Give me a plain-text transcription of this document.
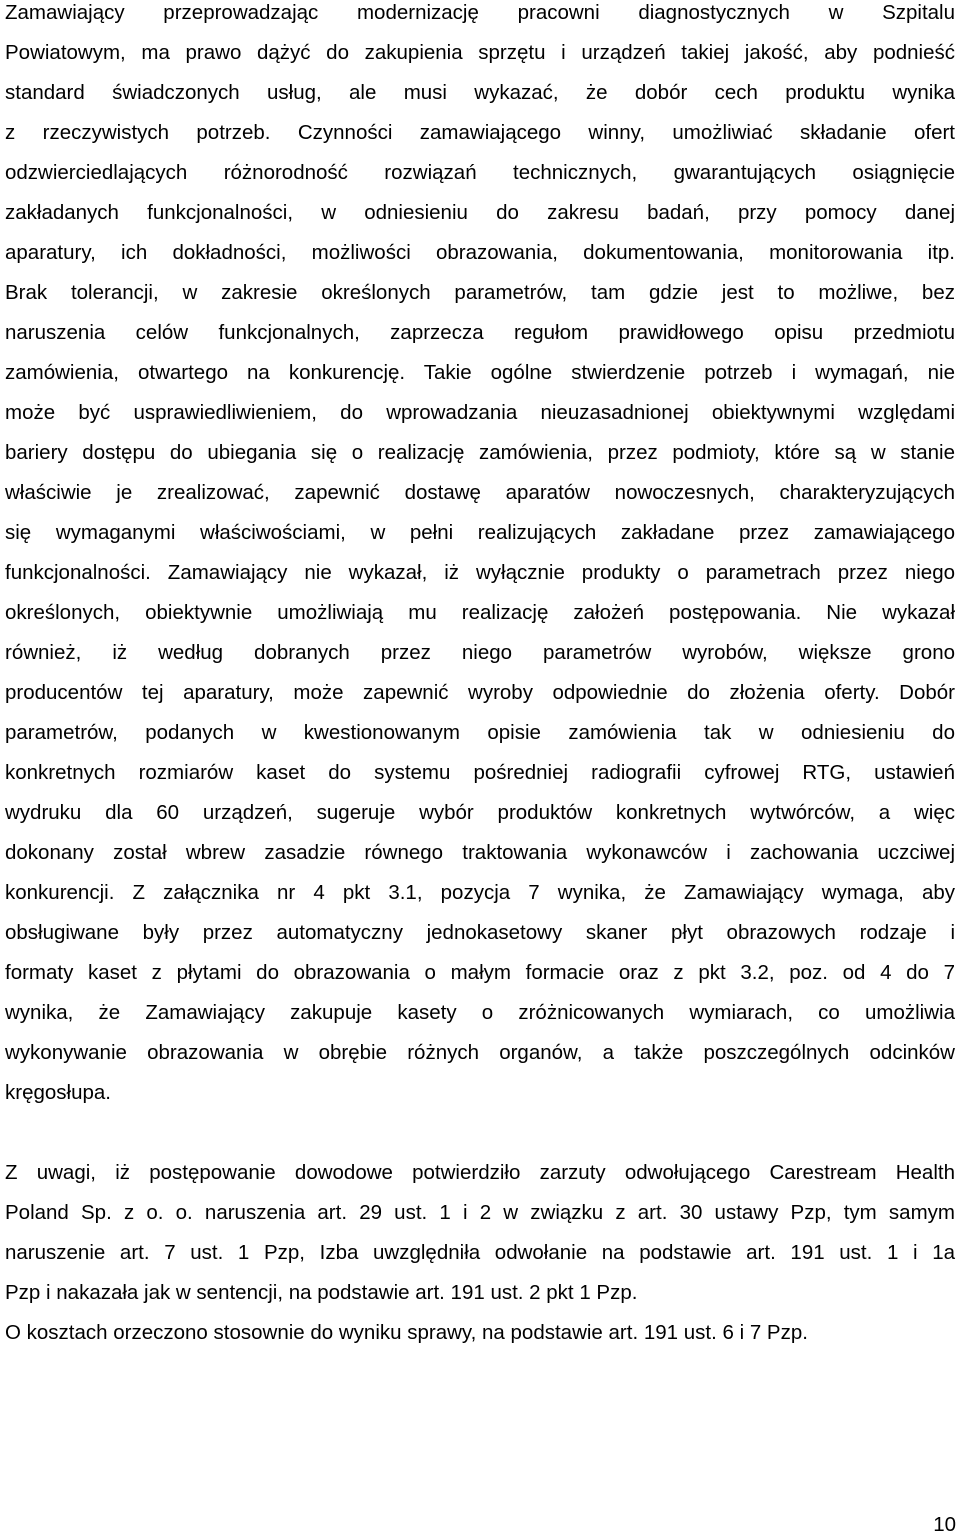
Zamawiający przeprowadzając modernizację pracowni diagnostycznych w Szpitalu
Powiatowym, ma prawo dążyć do zakupienia sprzętu i urządzeń takiej jakość, aby podnieść
standard świadczonych usług, ale musi wykazać, że dobór cech produktu wynika
z rzeczywistych potrzeb. Czynności zamawiającego winny, umożliwiać składanie ofert
odzwierciedlających różnorodność rozwiązań technicznych, gwarantujących osiągnięcie
zakładanych funkcjonalności, w odniesieniu do zakresu badań, przy pomocy danej
aparatury, ich dokładności, możliwości obrazowania, dokumentowania, monitorowania itp.
Brak tolerancji, w zakresie określonych parametrów, tam gdzie jest to możliwe, bez
naruszenia celów funkcjonalnych, zaprzecza regułom prawidłowego opisu przedmiotu
zamówienia, otwartego na konkurencję. Takie ogólne stwierdzenie potrzeb i wymagań, nie
może być usprawiedliwieniem, do wprowadzania nieuzasadnionej obiektywnymi względami
bariery dostępu do ubiegania się o realizację zamówienia, przez podmioty, które są w stanie
właściwie je zrealizować, zapewnić dostawę aparatów nowoczesnych, charakteryzujących
się wymaganymi właściwościami, w pełni realizujących zakładane przez zamawiającego
funkcjonalności. Zamawiający nie wykazał, iż wyłącznie produkty o parametrach przez niego
określonych, obiektywnie umożliwiają mu realizację założeń postępowania. Nie wykazał
również, iż według dobranych przez niego parametrów wyrobów, większe grono
producentów tej aparatury, może zapewnić wyroby odpowiednie do złożenia oferty. Dobór
parametrów, podanych w kwestionowanym opisie zamówienia tak w odniesieniu do
konkretnych rozmiarów kaset do systemu pośredniej radiografii cyfrowej RTG, ustawień
wydruku dla 60 urządzeń, sugeruje wybór produktów konkretnych wytwórców, a więc
dokonany został wbrew zasadzie równego traktowania wykonawców i zachowania uczciwej
konkurencji. Z załącznika nr 4 pkt 3.1, pozycja 7 wynika, że Zamawiający wymaga, aby
obsługiwane były przez automatyczny jednokasetowy skaner płyt obrazowych rodzaje i
formaty kaset z płytami do obrazowania o małym formacie oraz z pkt 3.2, poz. od 4 do 7
wynika, że Zamawiający zakupuje kasety o zróżnicowanych wymiarach, co umożliwia
wykonywanie obrazowania w obrębie różnych organów, a także poszczególnych odcinków
kręgosłupa.
Z uwagi, iż postępowanie dowodowe potwierdziło zarzuty odwołującego Carestream Health
Poland Sp. z o. o. naruszenia art. 29 ust. 1 i 2 w związku z art. 30 ustawy Pzp, tym samym
naruszenie art. 7 ust. 1 Pzp, Izba uwzględniła odwołanie na podstawie art. 191 ust. 1 i 1a
Pzp i nakazała jak w sentencji, na podstawie art. 191 ust. 2 pkt 1 Pzp.
O kosztach orzeczono stosownie do wyniku sprawy, na podstawie art. 191 ust. 6 i 7 Pzp.
10
